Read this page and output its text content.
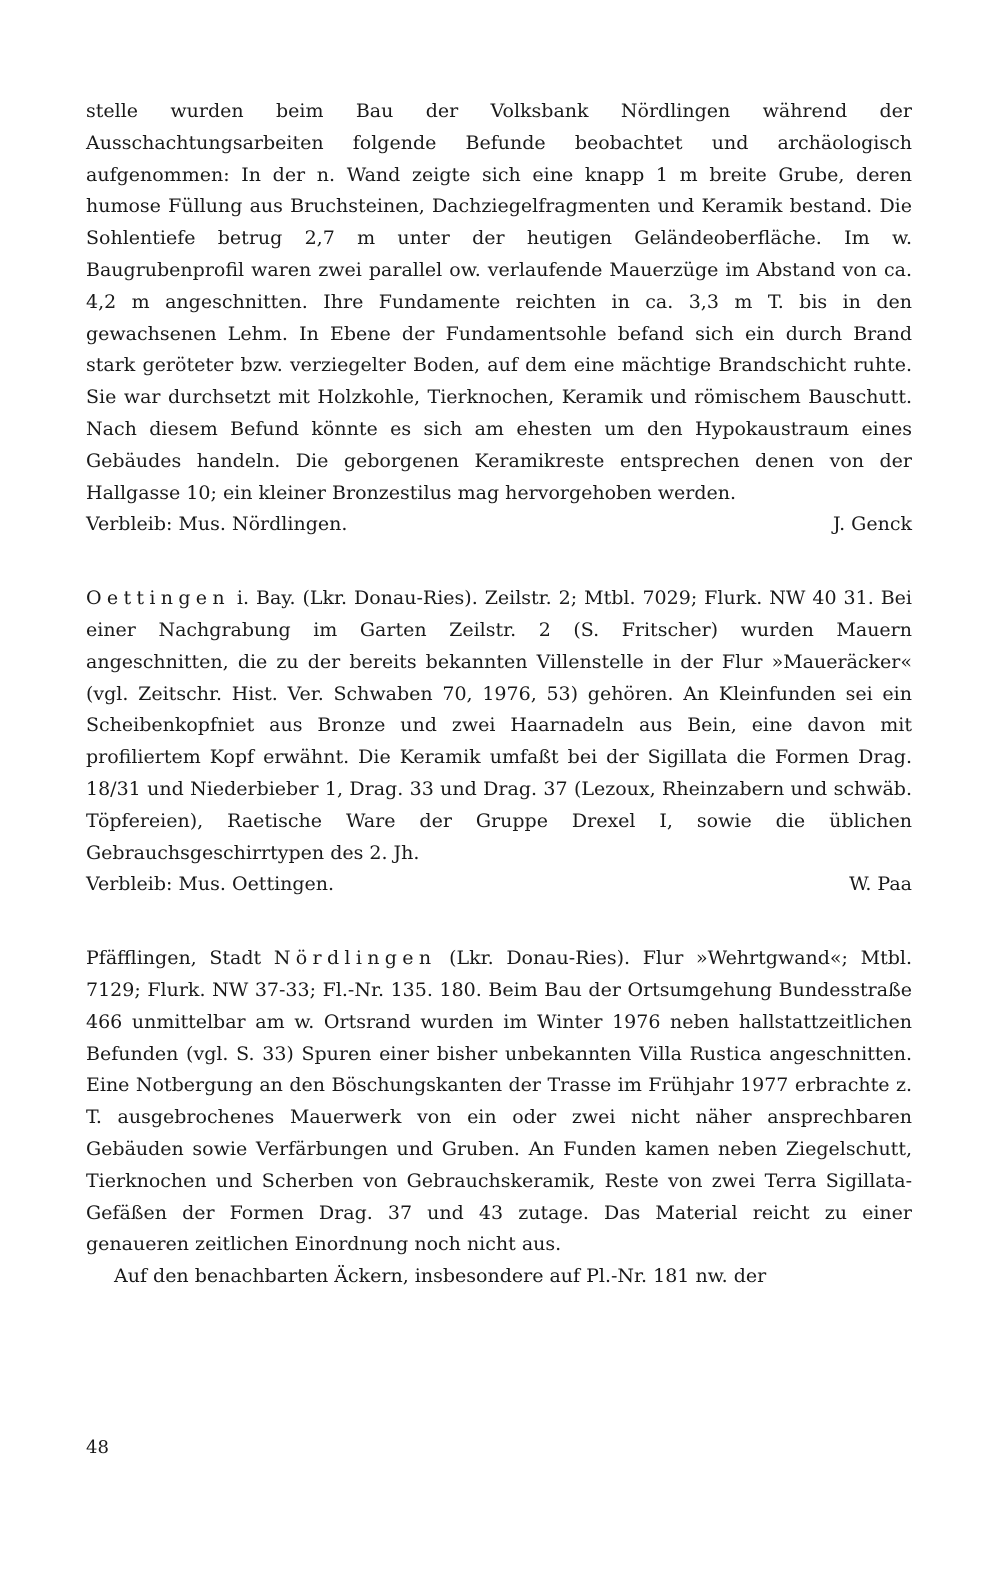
stelle wurden beim Bau der Volksbank Nördlingen während der Ausschachtungsarbeiten folgende Befunde beobachtet und archäologisch aufgenommen: In der n. Wand zeigte sich eine knapp 1 m breite Grube, deren humose Füllung aus Bruchsteinen, Dachziegelfragmenten und Keramik bestand. Die Sohlentiefe betrug 2,7 m unter der heutigen Geländeoberfläche. Im w. Baugrubenprofil waren zwei parallel ow. verlaufende Mauerzüge im Abstand von ca. 4,2 m angeschnitten. Ihre Fundamente reichten in ca. 3,3 m T. bis in den gewachsenen Lehm. In Ebene der Fundamentsohle befand sich ein durch Brand stark geröteter bzw. verziegelter Boden, auf dem eine mächtige Brandschicht ruhte. Sie war durchsetzt mit Holzkohle, Tierknochen, Keramik und römischem Bauschutt. Nach diesem Befund könnte es sich am ehesten um den Hypokaustraum eines Gebäudes handeln. Die geborgenen Keramikreste entsprechen denen von der Hallgasse 10; ein kleiner Bronzestilus mag hervorgehoben werden.

Verbleib: Mus. Nördlingen.	J. Genck

Oettingen i. Bay. (Lkr. Donau-Ries). Zeilstr. 2; Mtbl. 7029; Flurk. NW 40 31. Bei einer Nachgrabung im Garten Zeilstr. 2 (S. Fritscher) wurden Mauern angeschnitten, die zu der bereits bekannten Villenstelle in der Flur »Maueräcker« (vgl. Zeitschr. Hist. Ver. Schwaben 70, 1976, 53) gehören. An Kleinfunden sei ein Scheibenkopfniet aus Bronze und zwei Haarnadeln aus Bein, eine davon mit profiliertem Kopf erwähnt. Die Keramik umfaßt bei der Sigillata die Formen Drag. 18/31 und Niederbieber 1, Drag. 33 und Drag. 37 (Lezoux, Rheinzabern und schwäb. Töpfereien), Raetische Ware der Gruppe Drexel I, sowie die üblichen Gebrauchsgeschirrtypen des 2. Jh.

Verbleib: Mus. Oettingen.	W. Paa

Pfäfflingen, Stadt Nördlingen (Lkr. Donau-Ries). Flur »Wehrtgwand«; Mtbl. 7129; Flurk. NW 37-33; Fl.-Nr. 135. 180. Beim Bau der Ortsumgehung Bundesstraße 466 unmittelbar am w. Ortsrand wurden im Winter 1976 neben hallstattzeitlichen Befunden (vgl. S. 33) Spuren einer bisher unbekannten Villa Rustica angeschnitten. Eine Notbergung an den Böschungskanten der Trasse im Frühjahr 1977 erbrachte z. T. ausgebrochenes Mauerwerk von ein oder zwei nicht näher ansprechbaren Gebäuden sowie Verfärbungen und Gruben. An Funden kamen neben Ziegelschutt, Tierknochen und Scherben von Gebrauchskeramik, Reste von zwei Terra Sigillata-Gefäßen der Formen Drag. 37 und 43 zutage. Das Material reicht zu einer genaueren zeitlichen Einordnung noch nicht aus.

Auf den benachbarten Äckern, insbesondere auf Pl.-Nr. 181 nw. der

48
